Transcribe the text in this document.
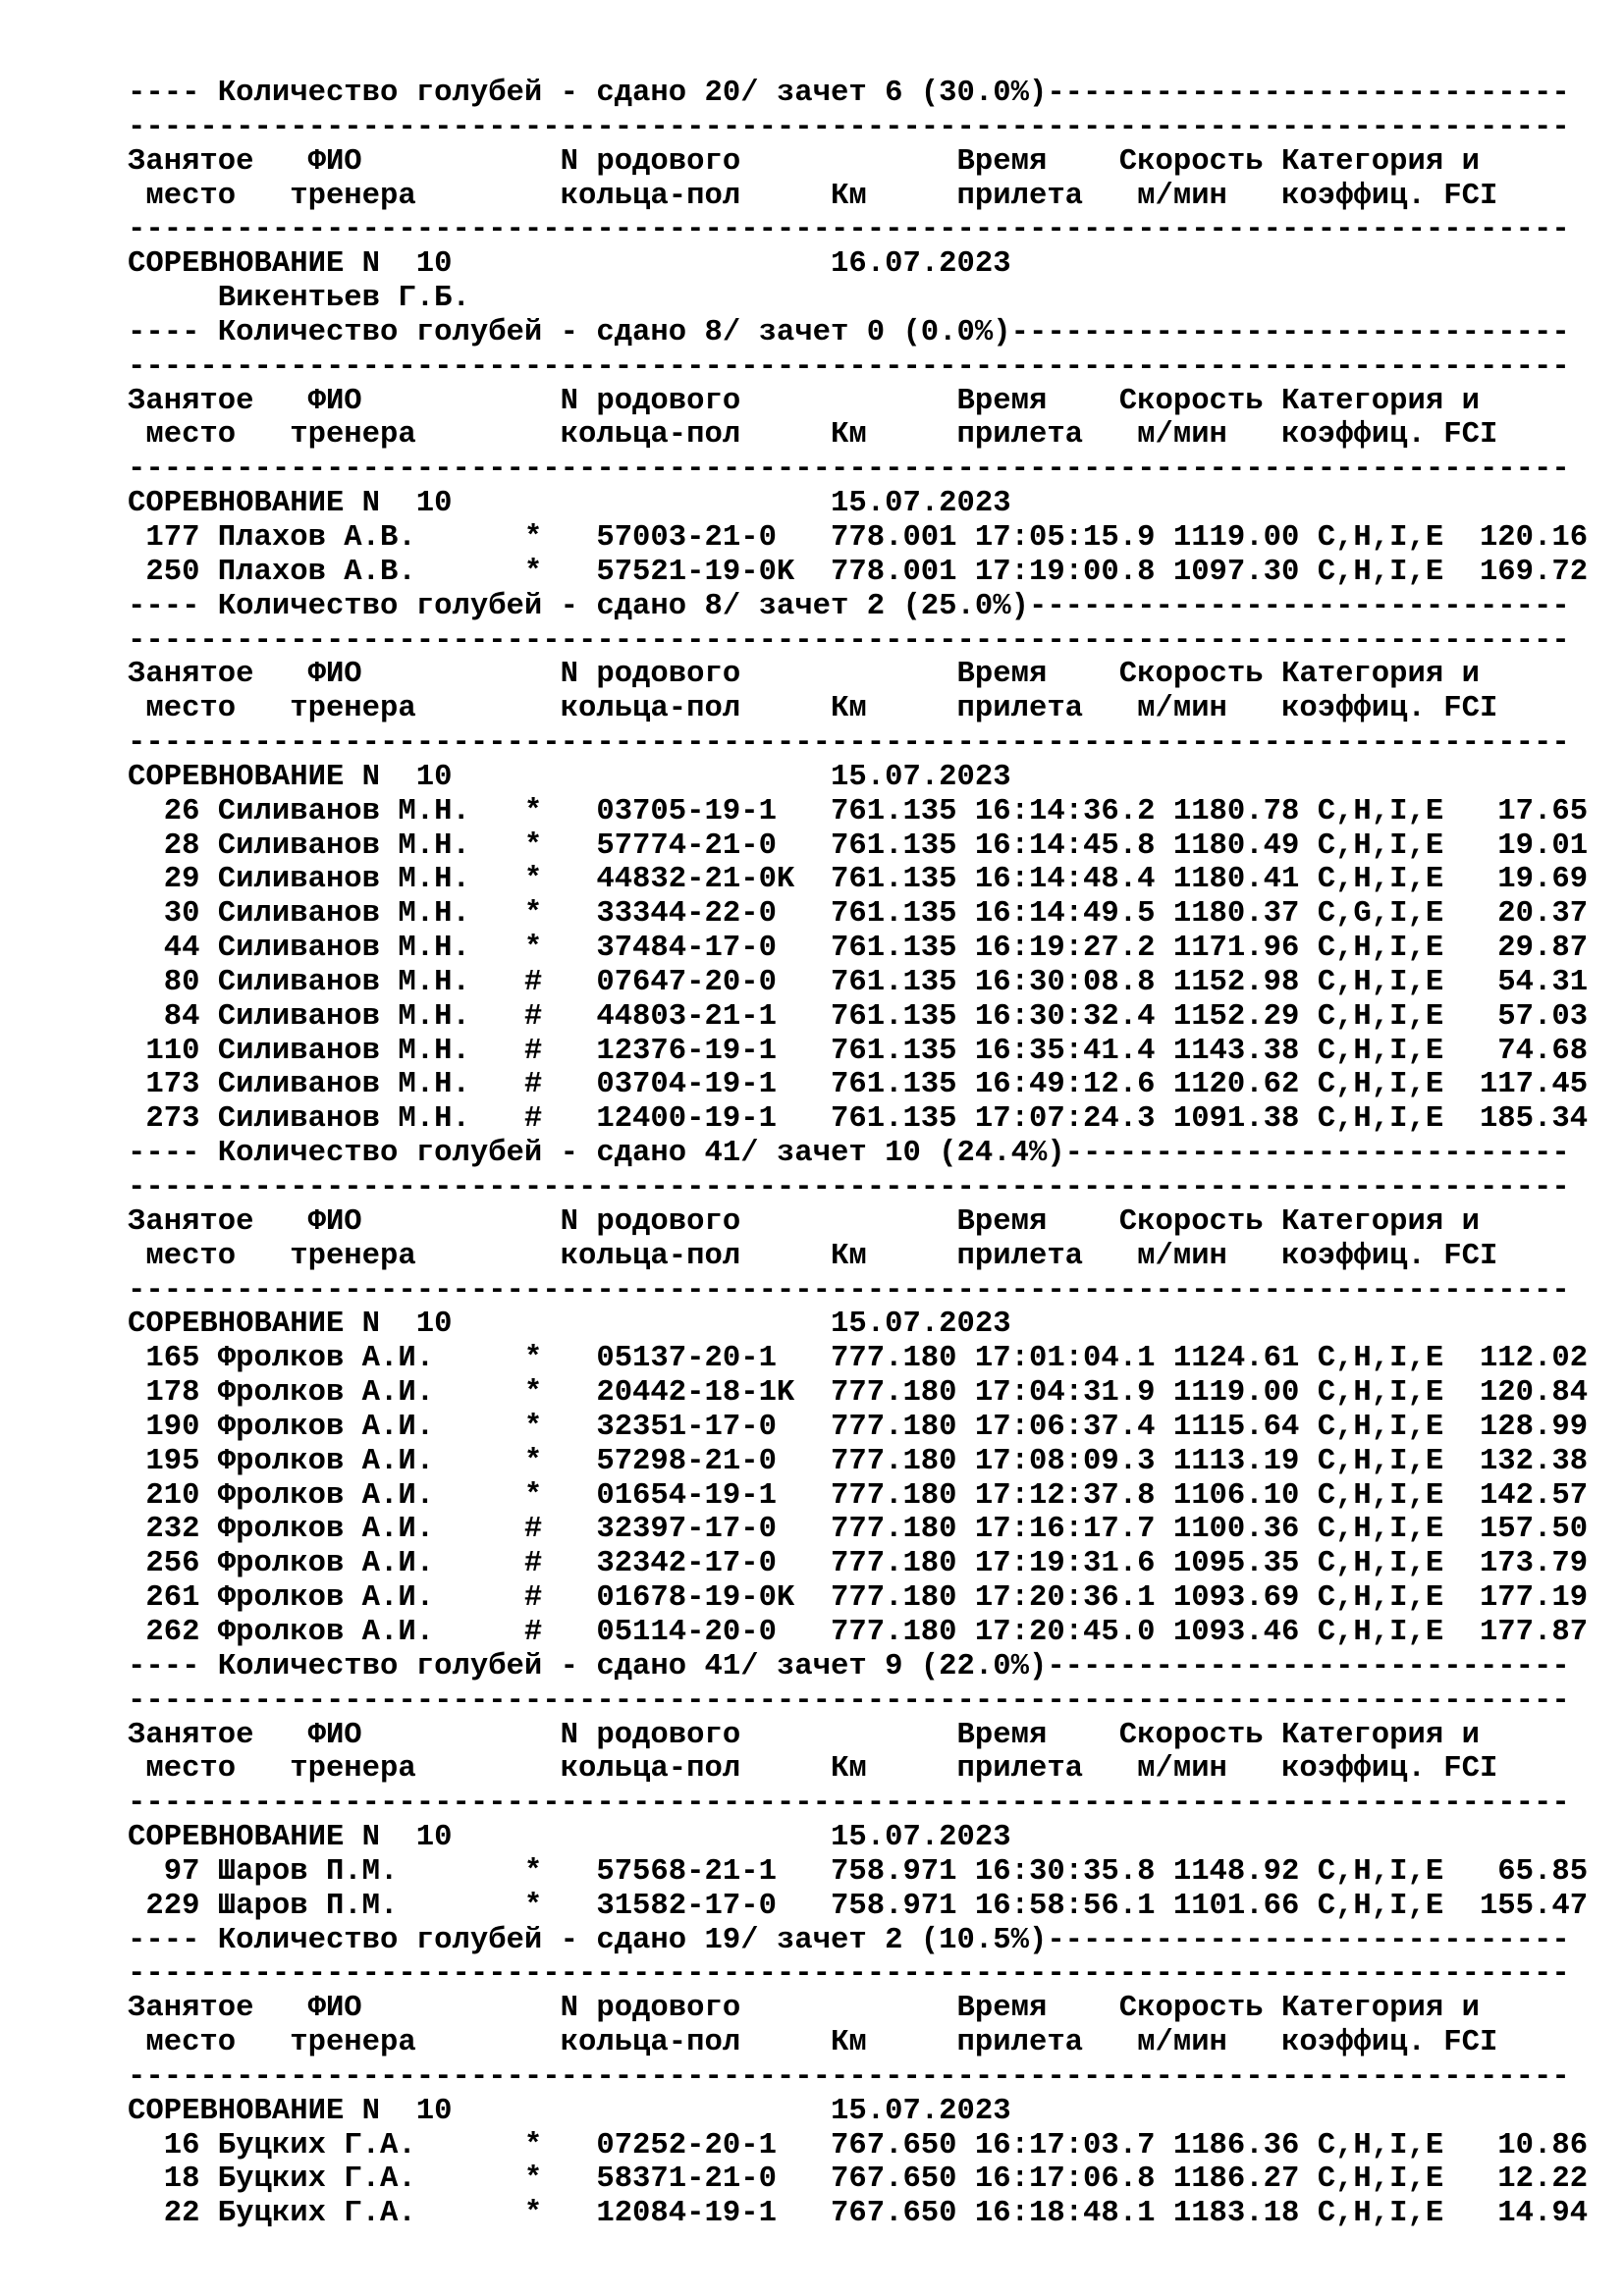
---- Количество голубей - сдано 20/ зачет 6 (30.0%)-----------------------------
--------------------------------------------------------------------------------
Занятое   ФИО           N родового            Время    Скорость Категория и
место   тренера        кольца-пол     Км     прилета   м/мин   коэффиц. FCI
--------------------------------------------------------------------------------
СОРЕВНОВАНИЕ N  10                     16.07.2023
Викентьев Г.Б.
---- Количество голубей - сдано 8/ зачет 0 (0.0%)-------------------------------
--------------------------------------------------------------------------------
Занятое   ФИО           N родового            Время    Скорость Категория и
место   тренера        кольца-пол     Км     прилета   м/мин   коэффиц. FCI
--------------------------------------------------------------------------------
СОРЕВНОВАНИЕ N  10                     15.07.2023
177 Плахов А.В.      *   57003-21-0   778.001 17:05:15.9 1119.00 C,H,I,E  120.16
250 Плахов А.В.      *   57521-19-0K  778.001 17:19:00.8 1097.30 C,H,I,E  169.72
---- Количество голубей - сдано 8/ зачет 2 (25.0%)------------------------------
--------------------------------------------------------------------------------
Занятое   ФИО           N родового            Время    Скорость Категория и
место   тренера        кольца-пол     Км     прилета   м/мин   коэффиц. FCI
--------------------------------------------------------------------------------
СОРЕВНОВАНИЕ N  10                     15.07.2023
26 Силиванов М.Н.   *   03705-19-1   761.135 16:14:36.2 1180.78 C,H,I,E   17.65
28 Силиванов М.Н.   *   57774-21-0   761.135 16:14:45.8 1180.49 C,H,I,E   19.01
29 Силиванов М.Н.   *   44832-21-0K  761.135 16:14:48.4 1180.41 C,H,I,E   19.69
30 Силиванов М.Н.   *   33344-22-0   761.135 16:14:49.5 1180.37 C,G,I,E   20.37
44 Силиванов М.Н.   *   37484-17-0   761.135 16:19:27.2 1171.96 C,H,I,E   29.87
80 Силиванов М.Н.   #   07647-20-0   761.135 16:30:08.8 1152.98 C,H,I,E   54.31
84 Силиванов М.Н.   #   44803-21-1   761.135 16:30:32.4 1152.29 C,H,I,E   57.03
110 Силиванов М.Н.   #   12376-19-1   761.135 16:35:41.4 1143.38 C,H,I,E   74.68
173 Силиванов М.Н.   #   03704-19-1   761.135 16:49:12.6 1120.62 C,H,I,E  117.45
273 Силиванов М.Н.   #   12400-19-1   761.135 17:07:24.3 1091.38 C,H,I,E  185.34
---- Количество голубей - сдано 41/ зачет 10 (24.4%)----------------------------
--------------------------------------------------------------------------------
Занятое   ФИО           N родового            Время    Скорость Категория и
место   тренера        кольца-пол     Км     прилета   м/мин   коэффиц. FCI
--------------------------------------------------------------------------------
СОРЕВНОВАНИЕ N  10                     15.07.2023
165 Фролков А.И.     *   05137-20-1   777.180 17:01:04.1 1124.61 C,H,I,E  112.02
178 Фролков А.И.     *   20442-18-1K  777.180 17:04:31.9 1119.00 C,H,I,E  120.84
190 Фролков А.И.     *   32351-17-0   777.180 17:06:37.4 1115.64 C,H,I,E  128.99
195 Фролков А.И.     *   57298-21-0   777.180 17:08:09.3 1113.19 C,H,I,E  132.38
210 Фролков А.И.     *   01654-19-1   777.180 17:12:37.8 1106.10 C,H,I,E  142.57
232 Фролков А.И.     #   32397-17-0   777.180 17:16:17.7 1100.36 C,H,I,E  157.50
256 Фролков А.И.     #   32342-17-0   777.180 17:19:31.6 1095.35 C,H,I,E  173.79
261 Фролков А.И.     #   01678-19-0K  777.180 17:20:36.1 1093.69 C,H,I,E  177.19
262 Фролков А.И.     #   05114-20-0   777.180 17:20:45.0 1093.46 C,H,I,E  177.87
---- Количество голубей - сдано 41/ зачет 9 (22.0%)-----------------------------
--------------------------------------------------------------------------------
Занятое   ФИО           N родового            Время    Скорость Категория и
место   тренера        кольца-пол     Км     прилета   м/мин   коэффиц. FCI
--------------------------------------------------------------------------------
СОРЕВНОВАНИЕ N  10                     15.07.2023
97 Шаров П.М.       *   57568-21-1   758.971 16:30:35.8 1148.92 C,H,I,E   65.85
229 Шаров П.М.       *   31582-17-0   758.971 16:58:56.1 1101.66 C,H,I,E  155.47
---- Количество голубей - сдано 19/ зачет 2 (10.5%)-----------------------------
--------------------------------------------------------------------------------
Занятое   ФИО           N родового            Время    Скорость Категория и
место   тренера        кольца-пол     Км     прилета   м/мин   коэффиц. FCI
--------------------------------------------------------------------------------
СОРЕВНОВАНИЕ N  10                     15.07.2023
16 Буцких Г.А.      *   07252-20-1   767.650 16:17:03.7 1186.36 C,H,I,E   10.86
18 Буцких Г.А.      *   58371-21-0   767.650 16:17:06.8 1186.27 C,H,I,E   12.22
22 Буцких Г.А.      *   12084-19-1   767.650 16:18:48.1 1183.18 C,H,I,E   14.94
